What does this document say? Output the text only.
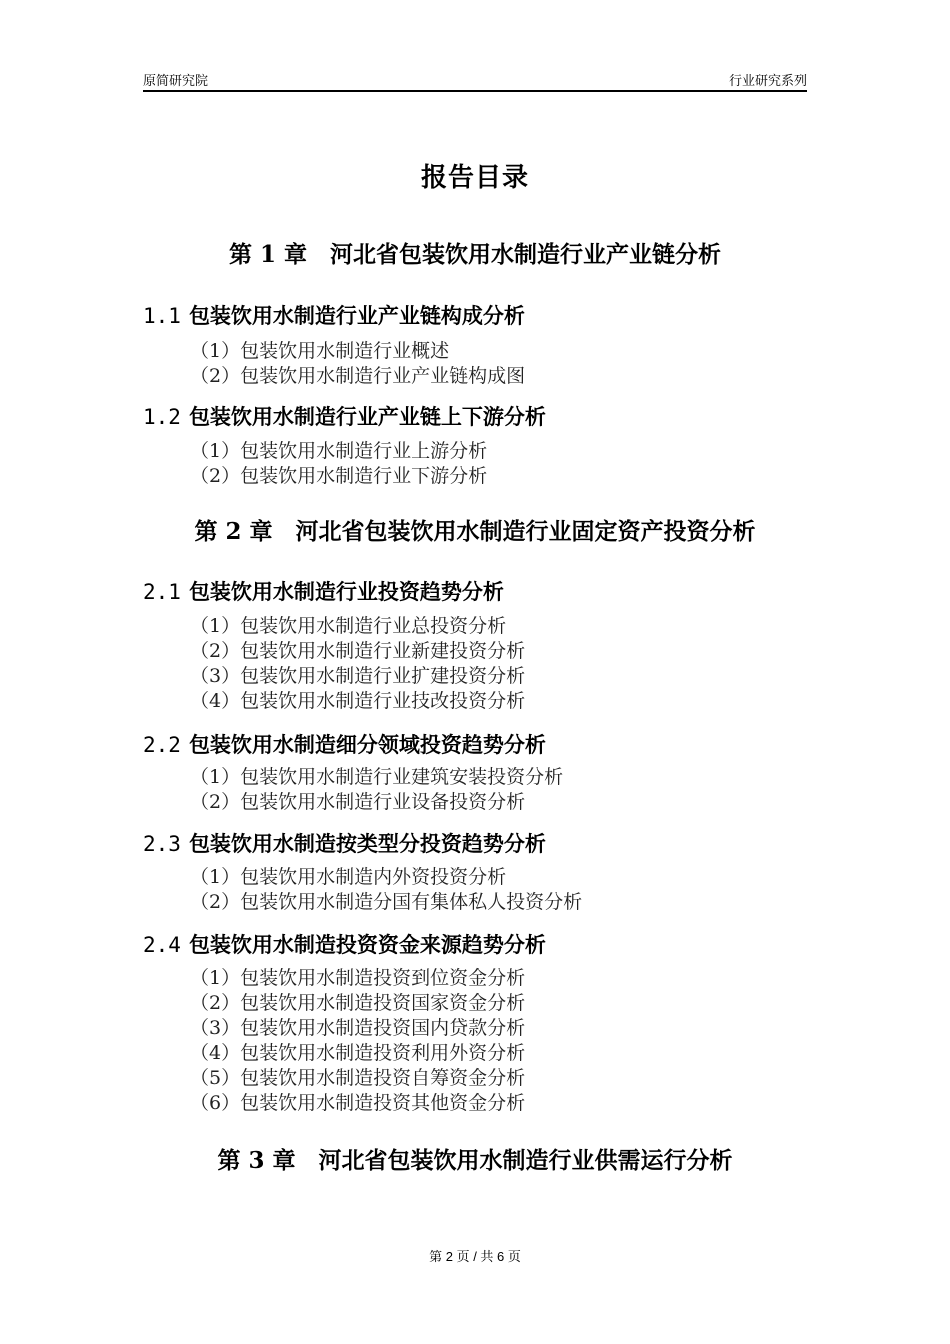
原简研究院	行业研究系列
报告目录
第 1 章　河北省包装饮用水制造行业产业链分析
1.1 包装饮用水制造行业产业链构成分析
（1）包装饮用水制造行业概述
（2）包装饮用水制造行业产业链构成图
1.2 包装饮用水制造行业产业链上下游分析
（1）包装饮用水制造行业上游分析
（2）包装饮用水制造行业下游分析
第 2 章　河北省包装饮用水制造行业固定资产投资分析
2.1 包装饮用水制造行业投资趋势分析
（1）包装饮用水制造行业总投资分析
（2）包装饮用水制造行业新建投资分析
（3）包装饮用水制造行业扩建投资分析
（4）包装饮用水制造行业技改投资分析
2.2 包装饮用水制造细分领域投资趋势分析
（1）包装饮用水制造行业建筑安装投资分析
（2）包装饮用水制造行业设备投资分析
2.3 包装饮用水制造按类型分投资趋势分析
（1）包装饮用水制造内外资投资分析
（2）包装饮用水制造分国有集体私人投资分析
2.4 包装饮用水制造投资资金来源趋势分析
（1）包装饮用水制造投资到位资金分析
（2）包装饮用水制造投资国家资金分析
（3）包装饮用水制造投资国内贷款分析
（4）包装饮用水制造投资利用外资分析
（5）包装饮用水制造投资自筹资金分析
（6）包装饮用水制造投资其他资金分析
第 3 章　河北省包装饮用水制造行业供需运行分析
第 2 页 / 共 6 页
